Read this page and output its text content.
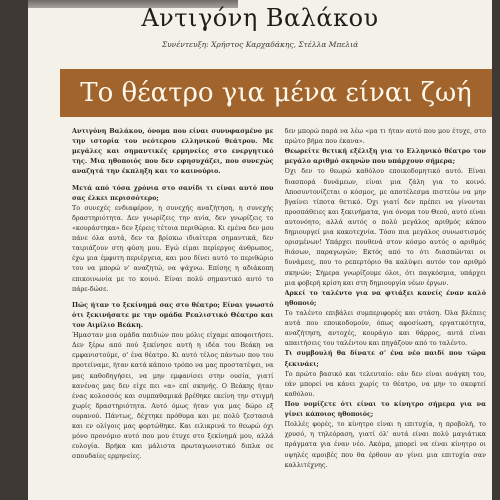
Αντιγόνη Βαλάκου
Συνέντευξη: Χρήστος Καρχαδάκης, Στέλλα Μπελιά
Το θέατρο για μένα είναι ζωή

Αντιγόνη Βαλάκου, όνομα που είναι συνυφασμένο με την ιστορία του νεότερου ελληνικού θεάτρου. Με μεγάλες και σημαντικές ερμηνείες στο ενεργητικό της. Μια ηθοποιός που δεν εφησυχάζει, που συνεχώς αναζητά την έκπληξη και το καινούριο.

Μετά από τόσα χρόνια στο σανίδι τι είναι αυτό που σας έλκει περισσότερο;

Το συνεχές ενδιαφέρον, η συνεχής αναζήτηση, η συνεχής δραστηριότητα. Δεν γνωρίζεις την ανία, δεν γνωρίζεις το «κουράστηκα» δεν ξέρεις τέτοια περιθώρια. Κι εμένα δεν μου πάνε όλα αυτά, δεν τα βρίσκω ιδιαίτερα σημαντικά, δεν ταιριάζουν στη φύση μου. Εγώ είμαι περίεργος άνθρωπος, έχω μια έμφυτη περιέργεια, και μου δίνει αυτό το περιθώριο του να μπορώ ν' αναζητώ, να ψάχνω. Επίσης η αδιάκοπη επικοινωνία με το κοινό. Είναι πολύ σημαντικό αυτό το πάρε-δώσε.

Πώς ήταν το ξεκίνημά σας στο θέατρο; Είναι γνωστό ότι ξεκινήσατε με την ομάδα Ρεαλιστικό Θέατρο και τον Αιμίλιο Βεάκη.

Ήμασταν μια ομάδα παιδιών που μόλις είχαμε αποφοιτήσει. Δεν ξέρω από πού ξεκίνησε αυτή η ιδέα του Βεάκη να εμφανιστούμε, σ' ένα θέατρο. Κι αυτό τέλος πάντων που του προτείναμε, ήταν κατά κάποιο τρόπο να μας προστατέψει, να μας καθοδηγήσει, να μην εμφανίσει στην ουσία, γιατί κανένας μας δεν είχε πει «α» επί σκηνής. Ο Βεάκης ήταν ένας κολοσσός και συμπαθαμικά βρέθηκε εκείνη την στιγμή χωρίς δραστηριότητα. Αυτό όμως ήταν για μας δώρο εξ ουρανού. Πάντως, δέχτηκε πρόθυμα και με πολύ ζεστασιά και εν ολίγοις μας φορτώθηκε. Και ειλικρινά το θεωρώ όχι μόνο προνόμιο αυτό που μου έτυχε στο ξεκίνημά μου, αλλά ευλογία. Βρήκα και μάλιστα πρωταγωνιστικό διπλα σε σπουδαίες ερμηνείες.

δεν μπορώ παρά να λέω «μα τι ήταν αυτό που μου έτυχε, στο πρώτο βήμα που έκανα».

Θεωρείτε θετική εξέλιξη για το Ελληνικό θέατρο τον μεγάλο αριθμό σκηνών που υπάρχουν σήμερα;

Όχι δεν το θεωρώ καθόλου εποικοδομητικό αυτό. Είναι διασπορά δυνάμεων, είναι μια ζάλη για το κοινό. Αποσυντονίζεται ο κόσμος, με αποτέλεσμα πιστεύω να μην βγαίνει τίποτα θετικό. Όχι γιατί δεν πρέπει να γίνονται προσπάθειες και ξεκινήματα, για όνομα του Θεού, αυτό είναι αυτονόητο, αλλά αυτός ο πολύ μεγάλος αριθμός κάπου δημιουργεί μια κακοτεχνία. Τόσο πια μεγάλος συνωστισμός ορισμένων! Υπάρχει πουθενά στον κόσμο αυτός ο αριθμός θιάσων, παραγωγών; Εκτός από το ότι διασπώνται οι δυνάμεις, που το ρεπερτόριο θα καλύψει αυτόν τον αριθμό σκηνών; Σήμερα γνωρίζουμε όλοι, ότι παγκόσμια, υπάρχει μια φοβερή κρίση και στη δημιουργία νέων έργων.

Αρκεί το ταλέντο για να φτιάξει κανείς έναν καλό ηθοποιό;

Το ταλέντο επιβάλει συμπεριφορές και στάση. Όλα βλέπεις αυτά που εποικοδομούν, όπως αφοσίωση, εργατικότητα, αναζήτηση, αντοχές, κουράγιο και θάρρος, αυτά είναι απαιτήσεις του ταλέντου και πηγάζουν από το ταλέντο.

Τι συμβουλή θα δίνατε σ' ένα νέο παιδί που τώρα ξεκινάει;

Το πρώτο βασικό και τελευταίο: εάν δεν είναι ανάγκη του, εάν μπορεί να κάνει χωρίς το θέατρο, να μην το σκεφτεί καθόλου.

Που νομίζετε ότι είναι το κίνητρο σήμερα για να γίνει κάποιος ηθοποιός;

Πολλές φορές, το κίνητρο είναι η επιτυχία, η προβολή, το χρυσό, η τηλεόραση, γιατί όλ' αυτά είναι πολύ μαγιάτικα πράγματα για έναν νέο. Ακόμα, μπορεί να είναι κίνητρο οι υψηλές αμοιβές που θα έρθουν αν γίνει μια επιτυχία σαν καλλιτέχνης.
